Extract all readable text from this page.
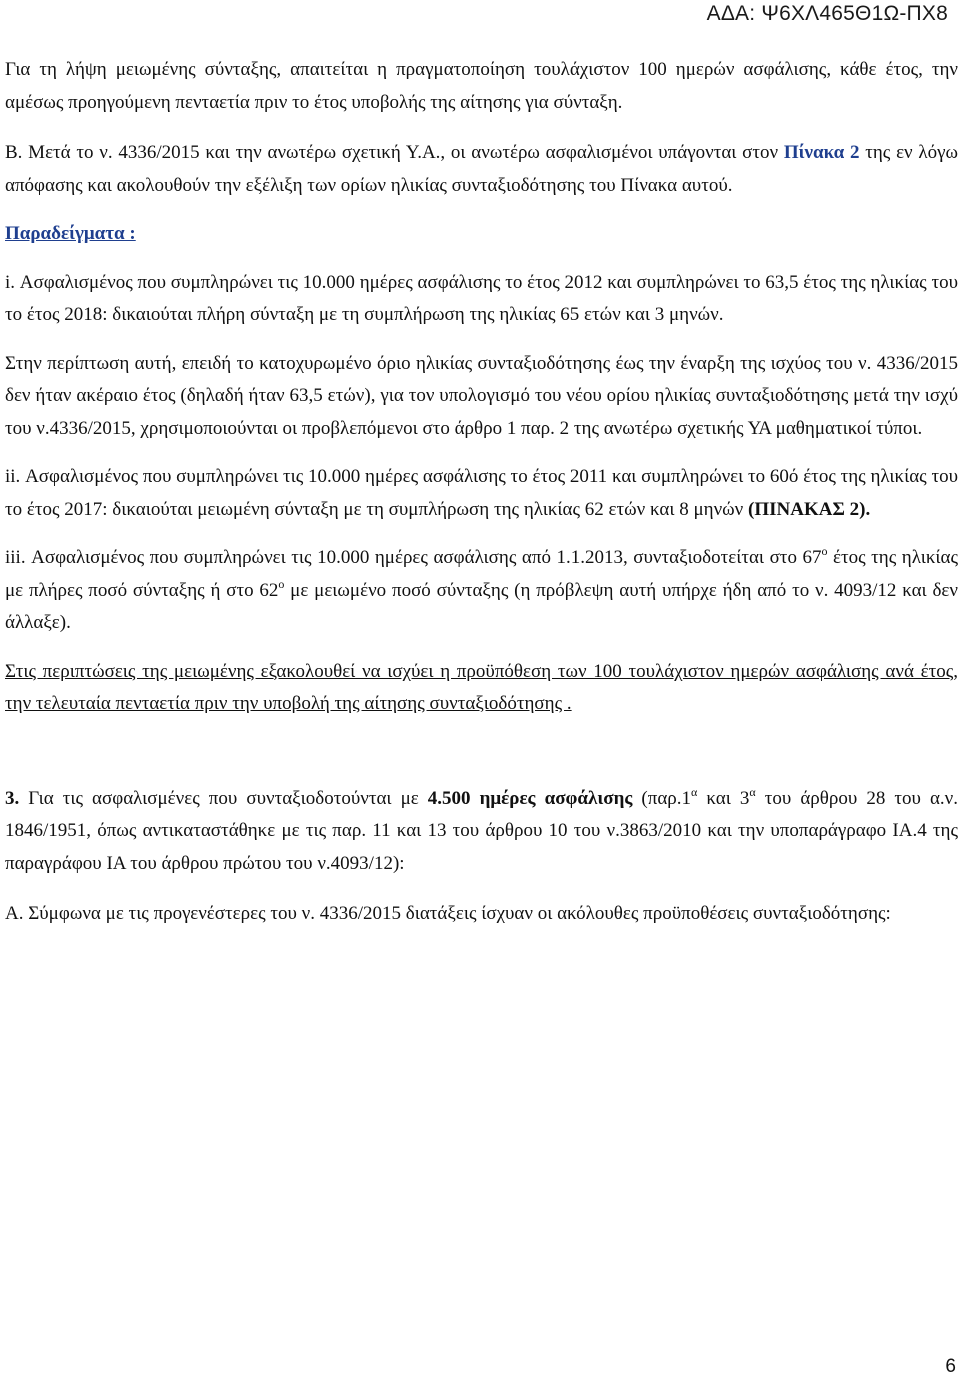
ΑΔΑ: Ψ6ΧΛ465Θ1Ω-ΠΧ8

Για τη λήψη μειωμένης σύνταξης, απαιτείται η πραγματοποίηση τουλάχιστον 100 ημερών ασφάλισης, κάθε έτος, την αμέσως προηγούμενη πενταετία πριν το έτος υποβολής της αίτησης για σύνταξη.

Β. Μετά το ν. 4336/2015 και την ανωτέρω σχετική Υ.Α., οι ανωτέρω ασφαλισμένοι υπάγονται στον Πίνακα 2 της εν λόγω απόφασης και ακολουθούν την εξέλιξη των ορίων ηλικίας συνταξιοδότησης του Πίνακα αυτού.

Παραδείγματα :

i. Ασφαλισμένος που συμπληρώνει τις 10.000 ημέρες ασφάλισης το έτος 2012 και συμπληρώνει το 63,5 έτος της ηλικίας του το έτος 2018: δικαιούται πλήρη σύνταξη με τη συμπλήρωση της ηλικίας 65 ετών και 3 μηνών.

Στην περίπτωση αυτή, επειδή το κατοχυρωμένο όριο ηλικίας συνταξιοδότησης έως την έναρξη της ισχύος του ν. 4336/2015 δεν ήταν ακέραιο έτος (δηλαδή ήταν 63,5 ετών), για τον υπολογισμό του νέου ορίου ηλικίας συνταξιοδότησης μετά την ισχύ του ν.4336/2015, χρησιμοποιούνται οι προβλεπόμενοι στο άρθρο 1 παρ. 2 της ανωτέρω σχετικής ΥΑ μαθηματικοί τύποι.

ii. Ασφαλισμένος που συμπληρώνει τις 10.000 ημέρες ασφάλισης το έτος 2011 και συμπληρώνει το 60ό έτος της ηλικίας του το έτος 2017: δικαιούται μειωμένη σύνταξη με τη συμπλήρωση της ηλικίας 62 ετών και 8 μηνών (ΠΙΝΑΚΑΣ 2).

iii. Ασφαλισμένος που συμπληρώνει τις 10.000 ημέρες ασφάλισης από 1.1.2013, συνταξιοδοτείται στο $67^o$ έτος της ηλικίας με πλήρες ποσό σύνταξης ή στο $62^o$ με μειωμένο ποσό σύνταξης (η πρόβλεψη αυτή υπήρχε ήδη από το ν. 4093/12 και δεν άλλαξε).

Στις περιπτώσεις της μειωμένης εξακολουθεί να ισχύει η προϋπόθεση των 100 τουλάχιστον ημερών ασφάλισης ανά έτος, την τελευταία πενταετία πριν την υποβολή της αίτησης συνταξιοδότησης .

3. Για τις ασφαλισμένες που συνταξιοδοτούνται με 4.500 ημέρες ασφάλισης ($\pi\alpha\rho.1^\alpha$ και $3^\alpha$ του άρθρου 28 του α.ν. 1846/1951, όπως αντικαταστάθηκε με τις παρ. 11 και 13 του άρθρου 10 του ν.3863/2010 και την υποπαράγραφο ΙΑ.4 της παραγράφου ΙΑ του άρθρου πρώτου του ν.4093/12):

Α. Σύμφωνα με τις προγενέστερες του ν. 4336/2015 διατάξεις ίσχυαν οι ακόλουθες προϋποθέσεις συνταξιοδότησης:

6
